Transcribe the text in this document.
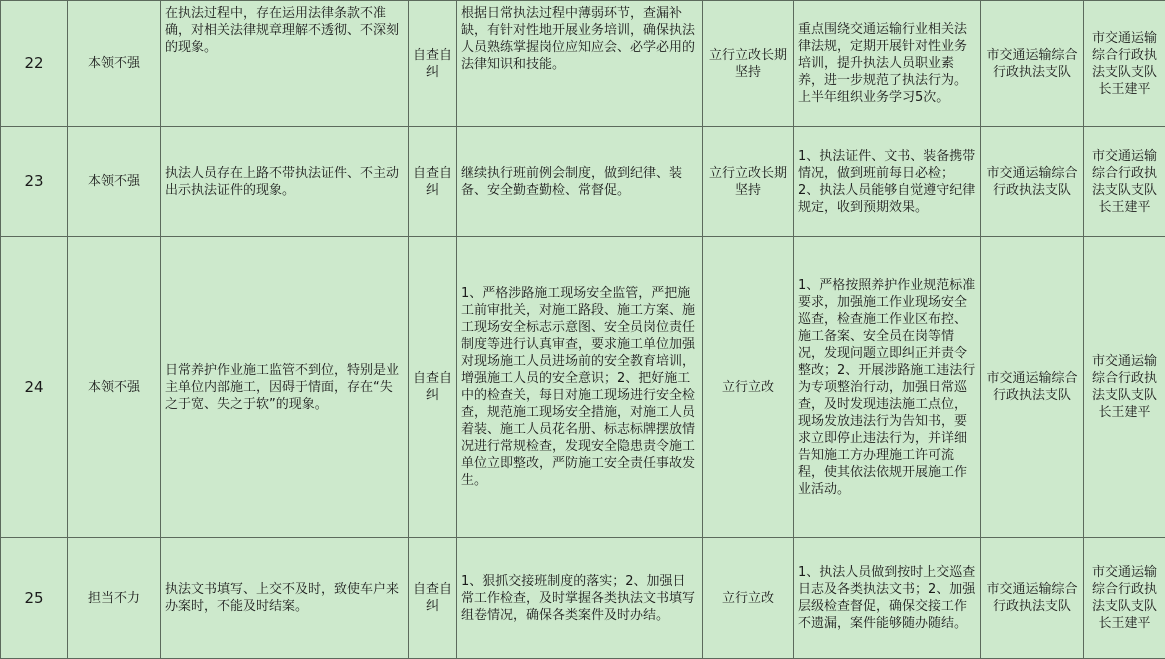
22	本领不强	在执法过程中，存在运用法律条款不准确，对相关法律规章理解不透彻、不深刻的现象。	自查自纠	根据日常执法过程中薄弱环节，查漏补缺，有针对性地开展业务培训，确保执法人员熟练掌握岗位应知应会、必学必用的法律知识和技能。	立行立改长期坚持	重点围绕交通运输行业相关法律法规，定期开展针对性业务培训，提升执法人员职业素养，进一步规范了执法行为。上半年组织业务学习5次。	市交通运输综合行政执法支队	市交通运输综合行政执法支队支队长王建平
23	本领不强	执法人员存在上路不带执法证件、不主动出示执法证件的现象。	自查自纠	继续执行班前例会制度，做到纪律、装备、安全勤查勤检、常督促。	立行立改长期坚持	1、执法证件、文书、装备携带情况，做到班前每日必检； 2、执法人员能够自觉遵守纪律规定，收到预期效果。	市交通运输综合行政执法支队	市交通运输综合行政执法支队支队长王建平
24	本领不强	日常养护作业施工监管不到位，特别是业主单位内部施工，因碍于情面，存在“失之于宽、失之于软”的现象。	自查自纠	1、严格涉路施工现场安全监管，严把施工前审批关，对施工路段、施工方案、施工现场安全标志示意图、安全员岗位责任制度等进行认真审查，要求施工单位加强对现场施工人员进场前的安全教育培训，增强施工人员的安全意识；2、把好施工中的检查关，每日对施工现场进行安全检查，规范施工现场安全措施，对施工人员着装、施工人员花名册、标志标牌摆放情况进行常规检查，发现安全隐患责令施工单位立即整改，严防施工安全责任事故发生。	立行立改	1、严格按照养护作业规范标准要求，加强施工作业现场安全巡查，检查施工作业区布控、施工备案、安全员在岗等情况，发现问题立即纠正并责令整改；2、开展涉路施工违法行为专项整治行动，加强日常巡查，及时发现违法施工点位，现场发放违法行为告知书，要求立即停止违法行为，并详细告知施工方办理施工许可流程，使其依法依规开展施工作业活动。	市交通运输综合行政执法支队	市交通运输综合行政执法支队支队长王建平
25	担当不力	执法文书填写、上交不及时，致使车户来办案时，不能及时结案。	自查自纠	1、狠抓交接班制度的落实；2、加强日常工作检查，及时掌握各类执法文书填写组卷情况，确保各类案件及时办结。	立行立改	1、执法人员做到按时上交巡查日志及各类执法文书；2、加强层级检查督促，确保交接工作不遗漏，案件能够随办随结。	市交通运输综合行政执法支队	市交通运输综合行政执法支队支队长王建平
